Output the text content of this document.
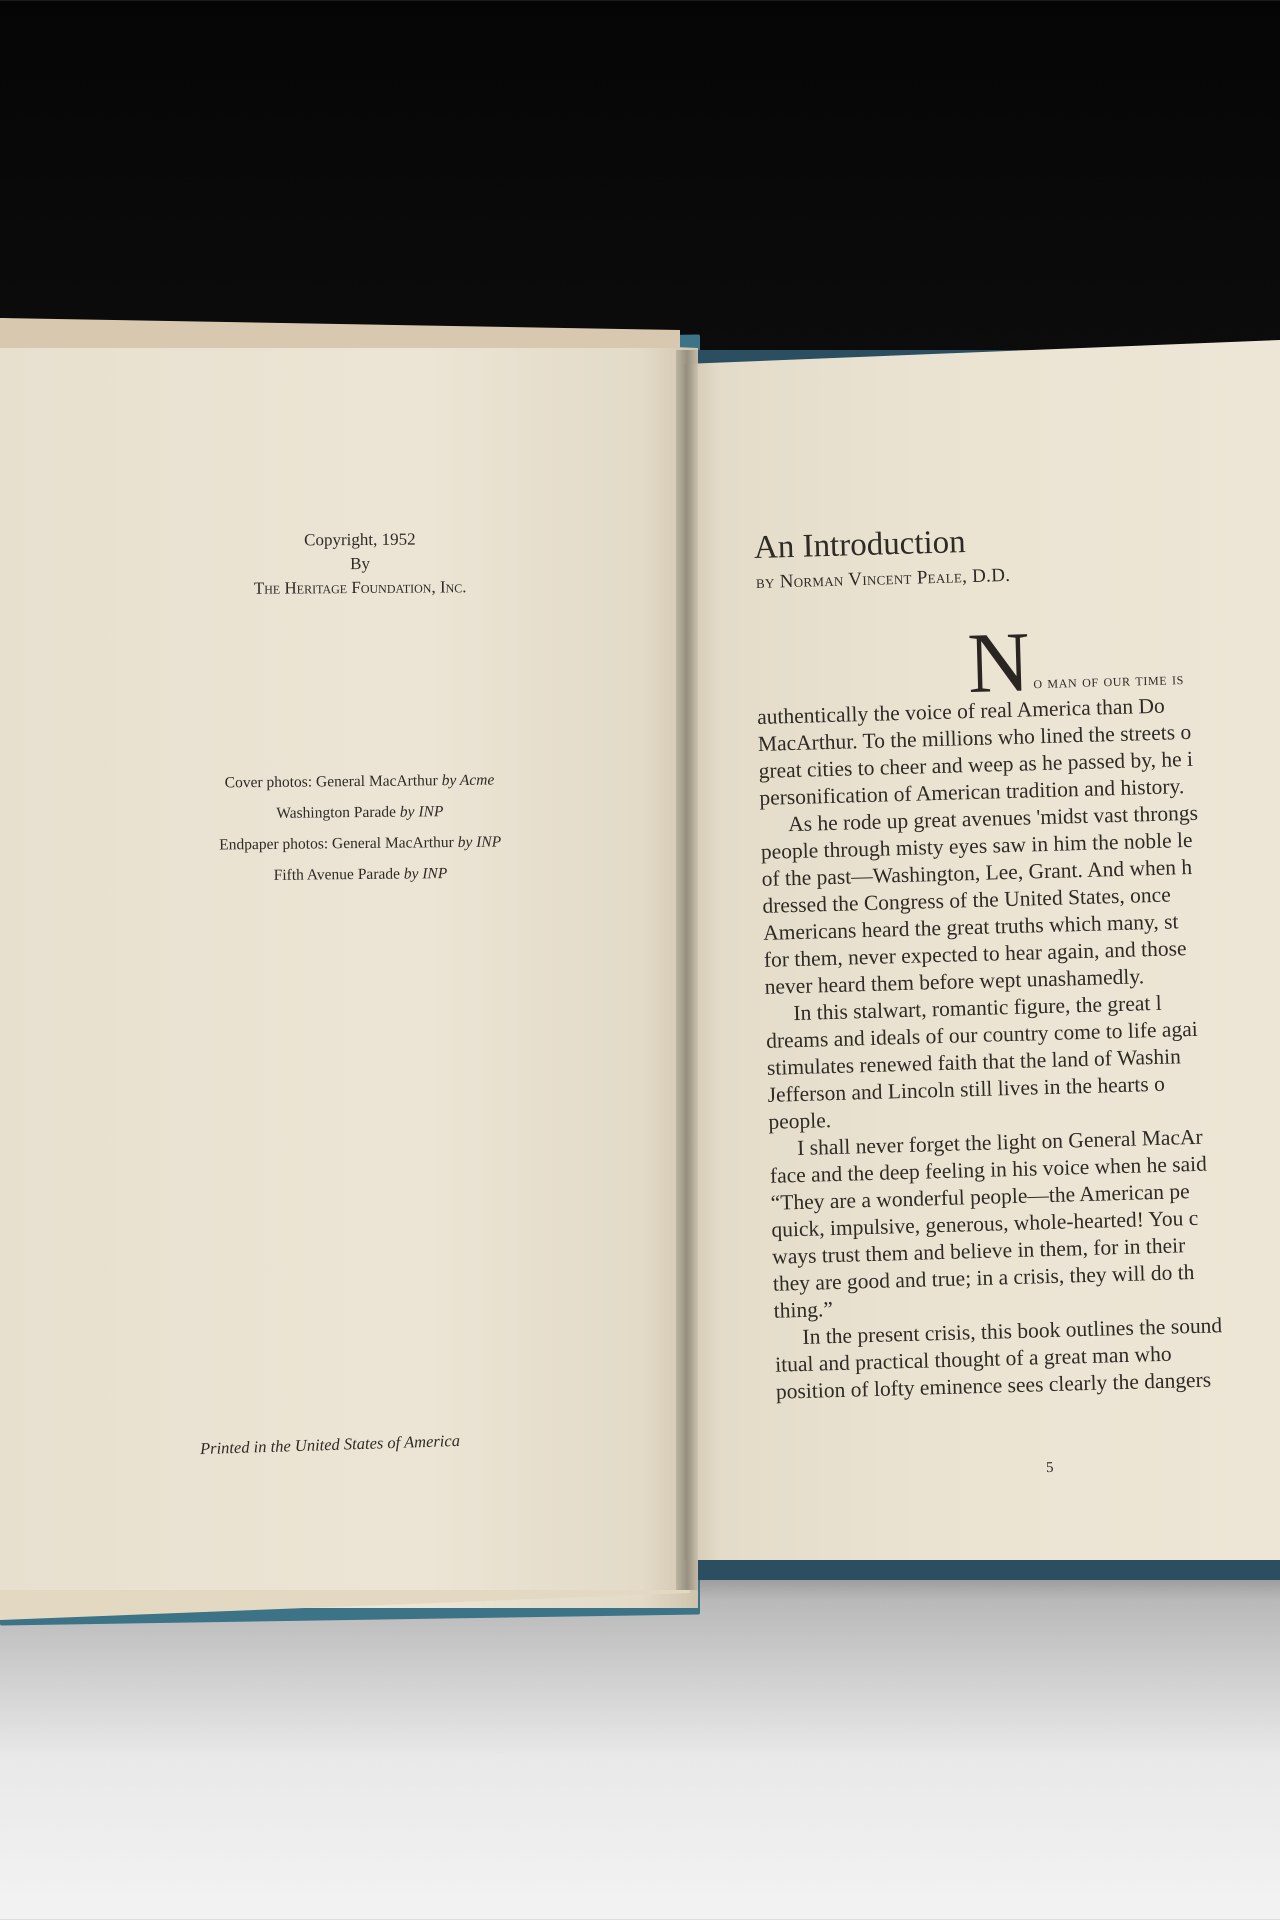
Copyright, 1952
By
The Heritage Foundation, Inc.
Cover photos: General MacArthur by Acme
Washington Parade by INP
Endpaper photos: General MacArthur by INP
Fifth Avenue Parade by INP
Printed in the United States of America
An Introduction
by Norman Vincent Peale, D.D.
N o man of our time is
authentically the voice of real America than Do
MacArthur. To the millions who lined the streets o
great cities to cheer and weep as he passed by, he i
personification of American tradition and history.
As he rode up great avenues 'midst vast throngs
people through misty eyes saw in him the noble le
of the past—Washington, Lee, Grant. And when h
dressed the Congress of the United States, once
Americans heard the great truths which many, st
for them, never expected to hear again, and those
never heard them before wept unashamedly.
In this stalwart, romantic figure, the great l
dreams and ideals of our country come to life agai
stimulates renewed faith that the land of Washin
Jefferson and Lincoln still lives in the hearts o
people.
I shall never forget the light on General MacAr
face and the deep feeling in his voice when he said
“They are a wonderful people—the American pe
quick, impulsive, generous, whole-hearted! You c
ways trust them and believe in them, for in their
they are good and true; in a crisis, they will do th
thing.”
In the present crisis, this book outlines the sound
itual and practical thought of a great man who
position of lofty eminence sees clearly the dangers
5
